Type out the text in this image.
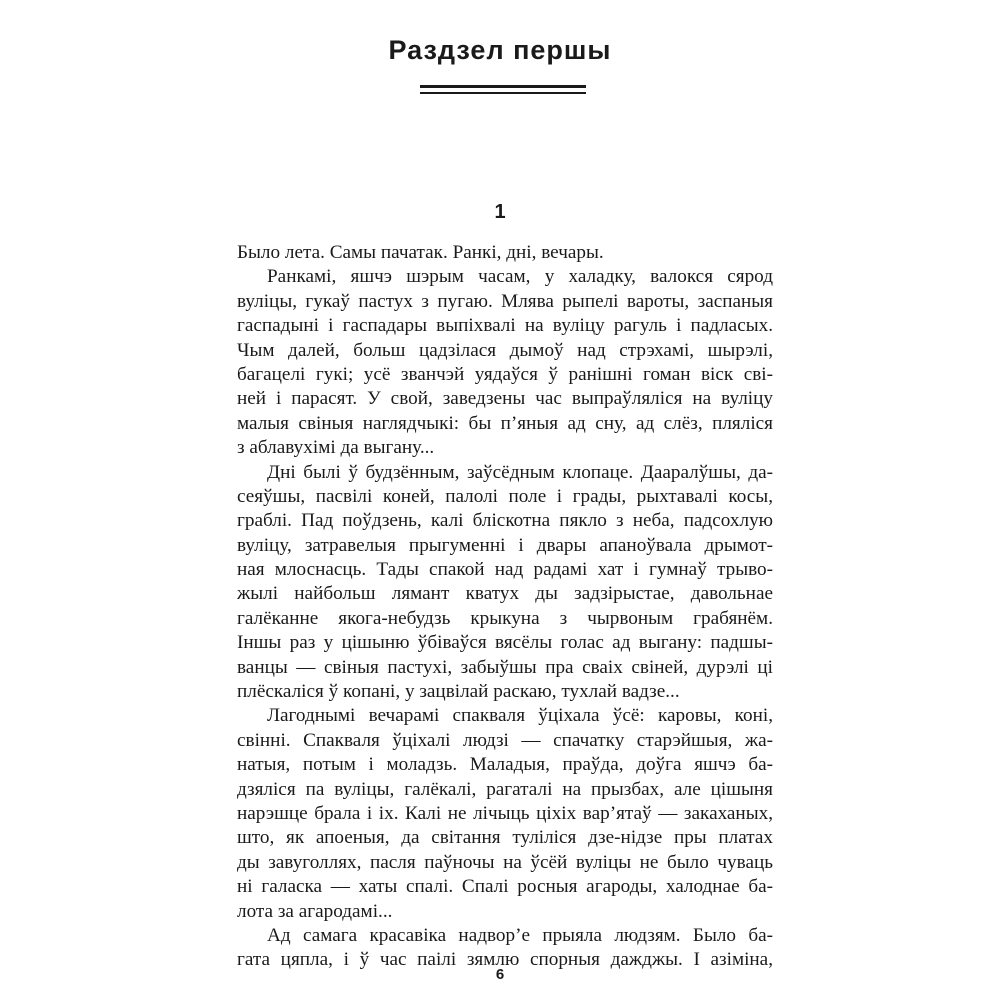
Раздзел першы
1
Было лета. Самы пачатак. Ранкі, дні, вечары.
Ранкамі, яшчэ шэрым часам, у халадку, валокся сярод
вуліцы, гукаў пастух з пугаю. Млява рыпелі вароты, заспаныя
гаспадыні і гаспадары выпіхвалі на вуліцу рагуль і падласых.
Чым далей, больш цадзілася дымоў над стрэхамі, шырэлі,
багацелі гукі; усё званчэй уядаўся ў ранішні гоман віск сві-
ней і парасят. У свой, заведзены час выпраўляліся на вуліцу
малыя свіныя наглядчыкі: бы п’яныя ад сну, ад слёз, пляліся
з аблавухімі да выгану...
Дні былі ў будзённым, заўсёдным клопаце. Дааралўшы, да-
сеяўшы, пасвілі коней, палолі поле і грады, рыхтавалі косы,
граблі. Пад поўдзень, калі бліскотна пякло з неба, падсохлую
вуліцу, затравелыя прыгуменні і двары апаноўвала дрымот-
ная млоснасць. Тады спакой над радамі хат і гумнаў трыво-
жылі найбольш лямант кватух ды задзірыстае, давольнае
галёканне якога-небудзь крыкуна з чырвоным грабянём.
Іншы раз у цішыню ўбіваўся вясёлы голас ад выгану: падшы-
ванцы — свіныя пастухі, забыўшы пра сваіх свіней, дурэлі ці
плёскаліся ў копані, у зацвілай раскаю, тухлай вадзе...
Лагоднымі вечарамі спакваля ўцiхала ўсё: каровы, коні,
свінні. Спакваля ўціхалі людзі — спачатку старэйшыя, жа-
натыя, потым і моладзь. Маладыя, праўда, доўга яшчэ ба-
дзяліся па вуліцы, галёкалі, рагаталі на прызбах, але цішыня
нарэшце брала і іх. Калі не лічыць ціхіх вар’ятаў — закаханых,
што, як апоеныя, да світання туліліся дзе-нідзе пры платах
ды завуголлях, пасля паўночы на ўсёй вуліцы не было чуваць
ні галаска — хаты спалі. Спалі росныя агароды, халоднае ба-
лота за агародамі...
Ад самага красавіка надвор’е прыяла людзям. Было ба-
гата цяпла, і ў час паілі зямлю спорныя дажджы. І азіміна,
6
